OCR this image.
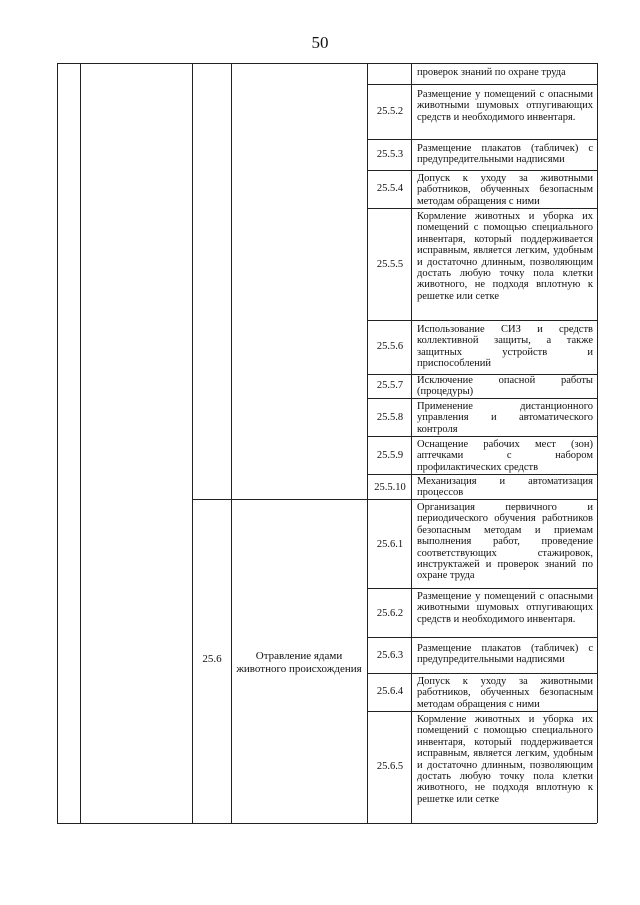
50
25.6	Отравление ядами животного происхождения
проверок знаний по охране труда
25.5.2
Размещение у помещений с опасными животными шумовых отпугивающих средств и необходимого инвентаря.
25.5.3
Размещение плакатов (табличек) с предупредительными надписями
25.5.4
Допуск к уходу за животными работников, обученных безопасным методам обращения с ними
25.5.5
Кормление животных и уборка их помещений с помощью специального инвентаря, который поддерживается исправным, является легким, удобным и достаточно длинным, позволяющим достать любую точку пола клетки животного, не подходя вплотную к решетке или сетке
25.5.6
Использование СИЗ и средств коллективной защиты, а также защитных устройств и приспособлений
25.5.7	Исключение опасной работы (процедуры)
25.5.8
Применение дистанционного управления и автоматического контроля
25.5.9
Оснащение рабочих мест (зон) аптечками с набором профилактических средств
25.5.10
Механизация и автоматизация процессов
25.6.1
Организация первичного и периодического обучения работников безопасным методам и приемам выполнения работ, проведение соответствующих стажировок, инструктажей и проверок знаний по охране труда
25.6.2
Размещение у помещений с опасными животными шумовых отпугивающих средств и необходимого инвентаря.
25.6.3
Размещение плакатов (табличек) с предупредительными надписями
25.6.4
Допуск к уходу за животными работников, обученных безопасным методам обращения с ними
25.6.5
Кормление животных и уборка их помещений с помощью специального инвентаря, который поддерживается исправным, является легким, удобным и достаточно длинным, позволяющим достать любую точку пола клетки животного, не подходя вплотную к решетке или сетке
